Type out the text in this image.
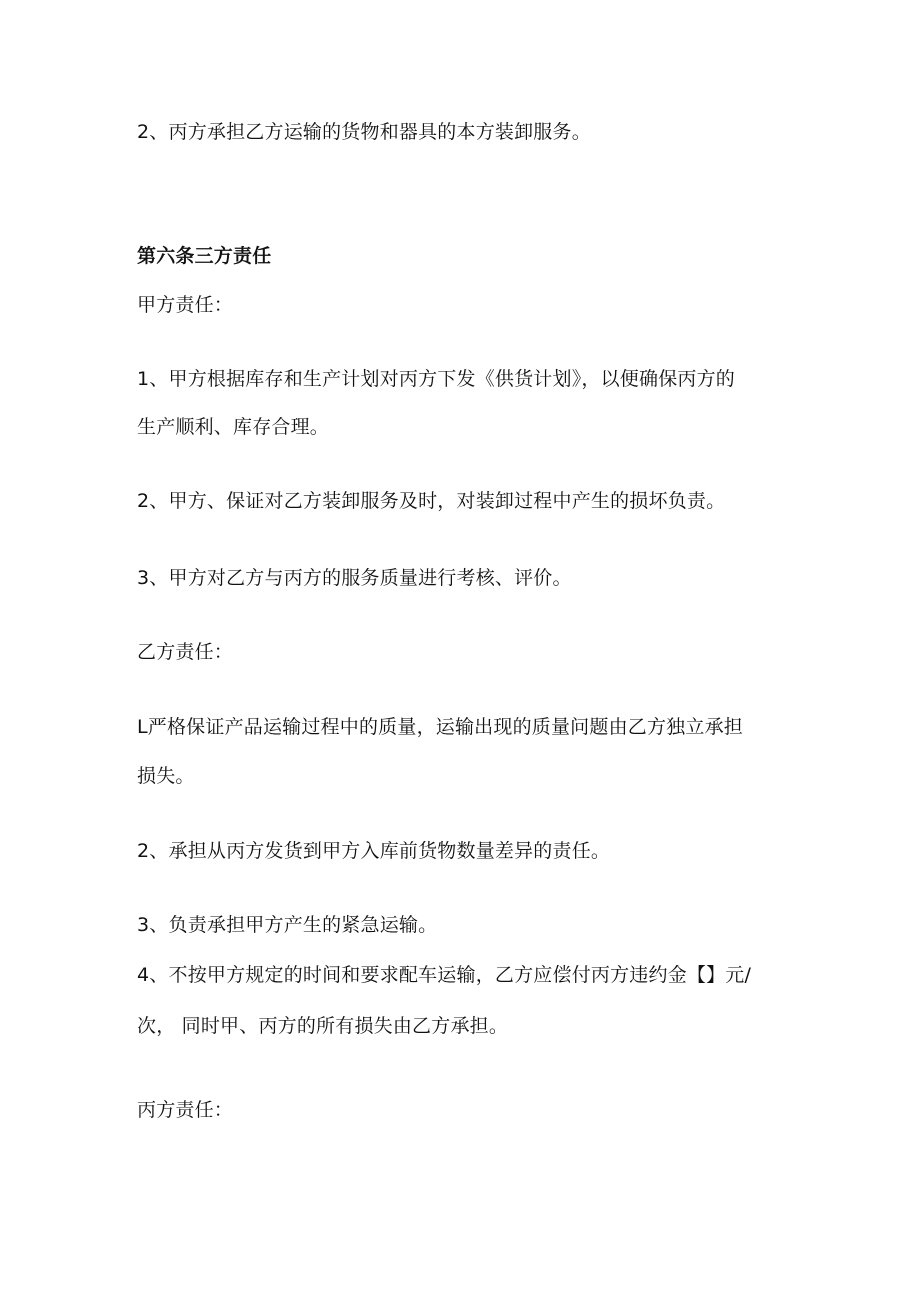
2、丙方承担乙方运输的货物和器具的本方装卸服务。
第六条三方责任
甲方责任：
1、甲方根据库存和生产计划对丙方下发《供货计划》，以便确保丙方的
生产顺利、库存合理。
2、甲方、保证对乙方装卸服务及时，对装卸过程中产生的损坏负责。
3、甲方对乙方与丙方的服务质量进行考核、评价。
乙方责任：
L严格保证产品运输过程中的质量，运输出现的质量问题由乙方独立承担
损失。
2、承担从丙方发货到甲方入库前货物数量差异的责任。
3、负责承担甲方产生的紧急运输。
4、不按甲方规定的时间和要求配车运输，乙方应偿付丙方违约金【】元/
次， 同时甲、丙方的所有损失由乙方承担。
丙方责任：
